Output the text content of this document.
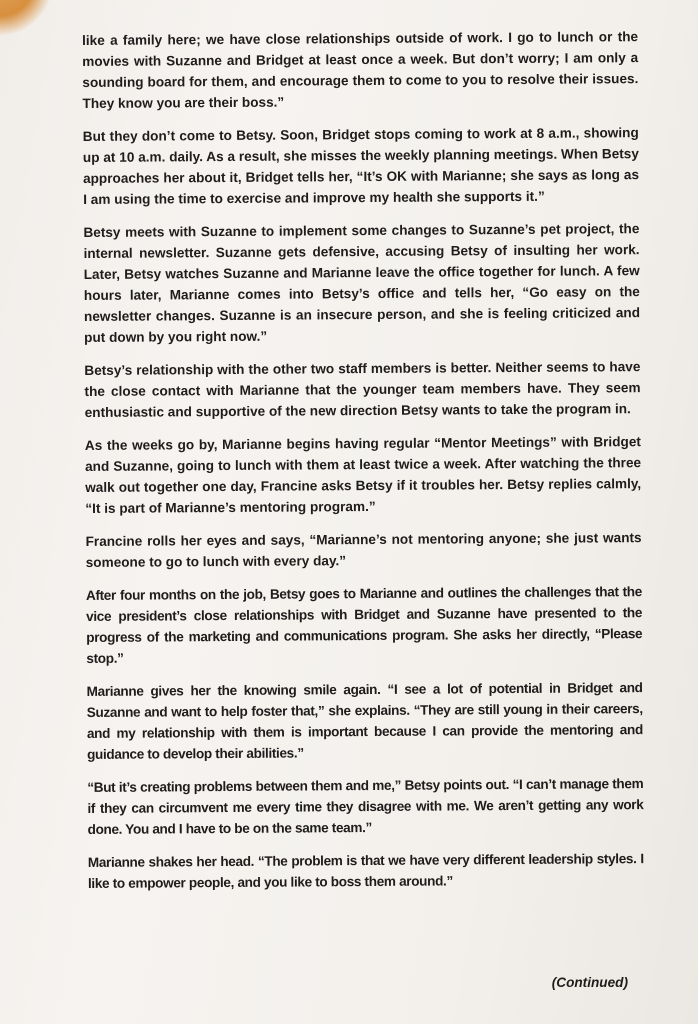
like a family here; we have close relationships outside of work. I go to lunch or the movies with Suzanne and Bridget at least once a week. But don’t worry; I am only a sounding board for them, and encourage them to come to you to resolve their issues. They know you are their boss.”

But they don’t come to Betsy. Soon, Bridget stops coming to work at 8 a.m., showing up at 10 a.m. daily. As a result, she misses the weekly planning meetings. When Betsy approaches her about it, Bridget tells her, “It’s OK with Marianne; she says as long as I am using the time to exercise and improve my health she supports it.”

Betsy meets with Suzanne to implement some changes to Suzanne’s pet project, the internal newsletter. Suzanne gets defensive, accusing Betsy of insulting her work. Later, Betsy watches Suzanne and Marianne leave the office together for lunch. A few hours later, Marianne comes into Betsy’s office and tells her, “Go easy on the newsletter changes. Suzanne is an insecure person, and she is feeling criticized and put down by you right now.”

Betsy’s relationship with the other two staff members is better. Neither seems to have the close contact with Marianne that the younger team members have. They seem enthusiastic and supportive of the new direction Betsy wants to take the program in.

As the weeks go by, Marianne begins having regular “Mentor Meetings” with Bridget and Suzanne, going to lunch with them at least twice a week. After watching the three walk out together one day, Francine asks Betsy if it troubles her. Betsy replies calmly, “It is part of Marianne’s mentoring program.”

Francine rolls her eyes and says, “Marianne’s not mentoring anyone; she just wants someone to go to lunch with every day.”

After four months on the job, Betsy goes to Marianne and outlines the challenges that the vice president’s close relationships with Bridget and Suzanne have presented to the progress of the marketing and communications program. She asks her directly, “Please stop.”

Marianne gives her the knowing smile again. “I see a lot of potential in Bridget and Suzanne and want to help foster that,” she explains. “They are still young in their careers, and my relationship with them is important because I can provide the mentoring and guidance to develop their abilities.”

“But it’s creating problems between them and me,” Betsy points out. “I can’t manage them if they can circumvent me every time they disagree with me. We aren’t getting any work done. You and I have to be on the same team.”

Marianne shakes her head. “The problem is that we have very different leadership styles. I like to empower people, and you like to boss them around.”

(Continued)
